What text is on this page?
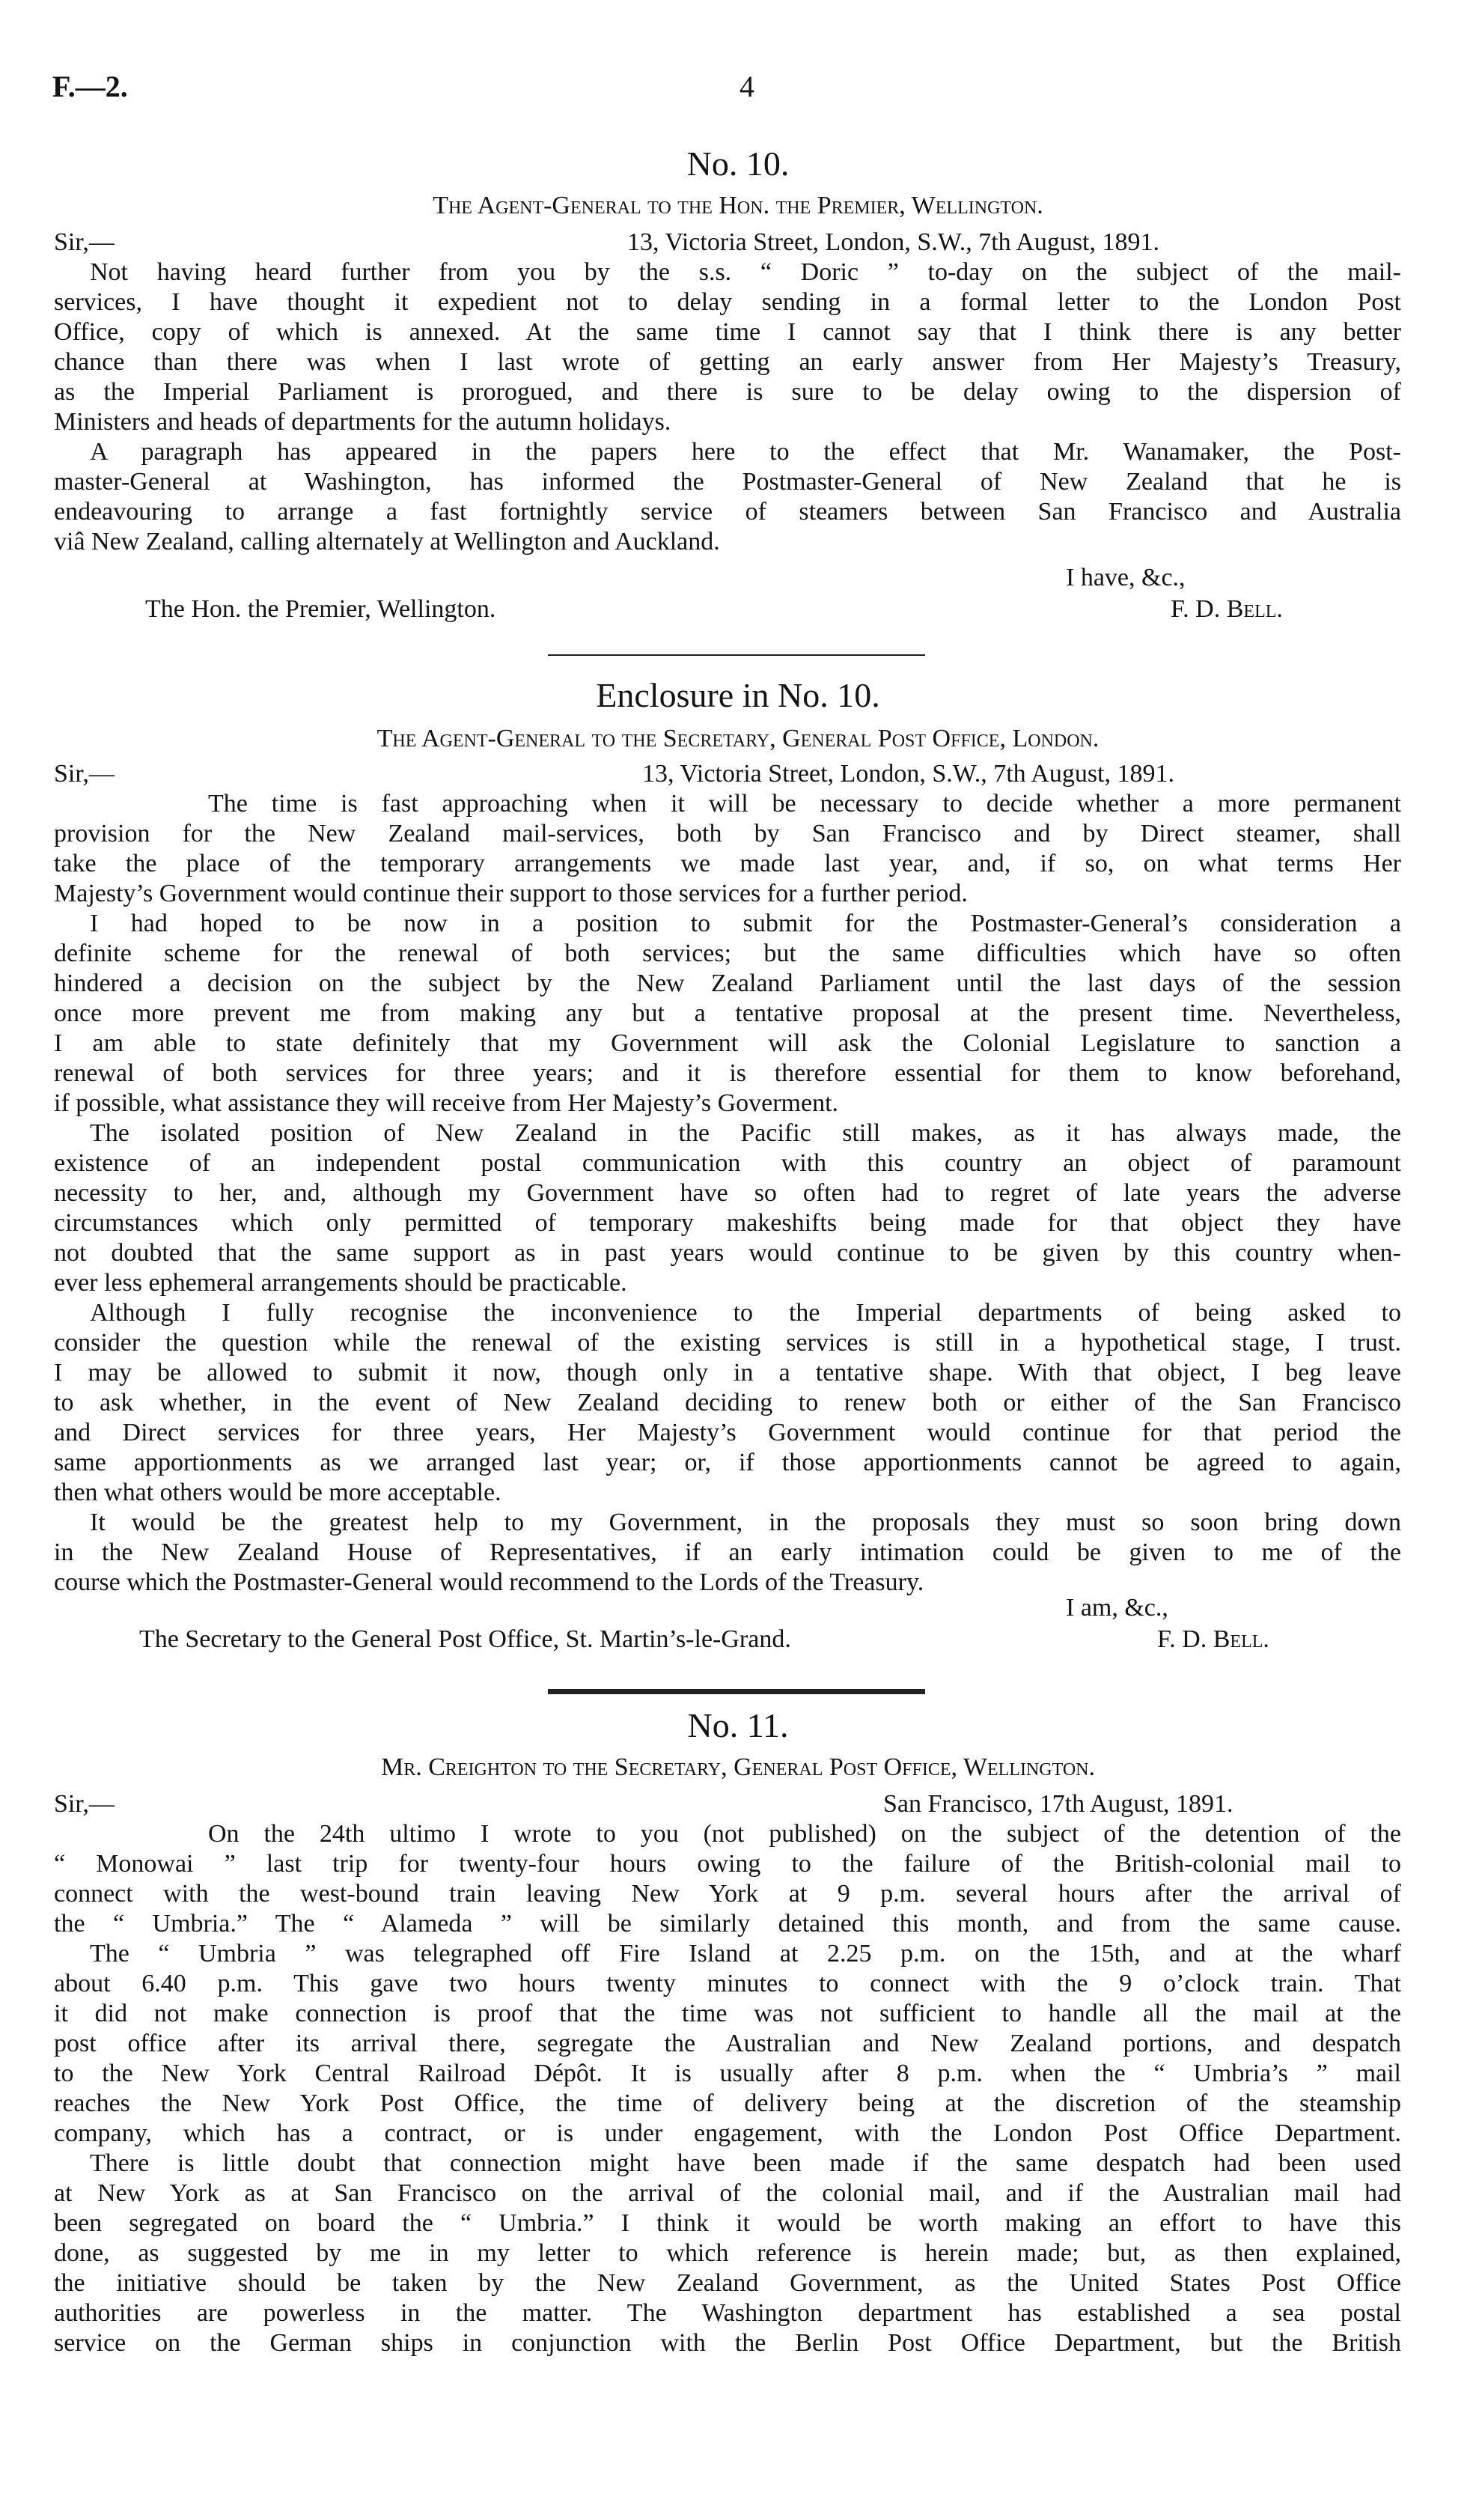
F.—2.	4
No. 10.
The Agent-General to the Hon. the Premier, Wellington.
Sir,—	13, Victoria Street, London, S.W., 7th August, 1891.
Not having heard further from you by the s.s. “ Doric ” to-day on the subject of the mail-
services, I have thought it expedient not to delay sending in a formal letter to the London Post
Office, copy of which is annexed. At the same time I cannot say that I think there is any better
chance than there was when I last wrote of getting an early answer from Her Majesty’s Treasury,
as the Imperial Parliament is prorogued, and there is sure to be delay owing to the dispersion of
Ministers and heads of departments for the autumn holidays.
A paragraph has appeared in the papers here to the effect that Mr. Wanamaker, the Post-
master-General at Washington, has informed the Postmaster-General of New Zealand that he is
endeavouring to arrange a fast fortnightly service of steamers between San Francisco and Australia
viâ New Zealand, calling alternately at Wellington and Auckland.
I have, &c.,
The Hon. the Premier, Wellington.	F. D. Bell.
Enclosure in No. 10.
The Agent-General to the Secretary, General Post Office, London.
Sir,—	13, Victoria Street, London, S.W., 7th August, 1891.
The time is fast approaching when it will be necessary to decide whether a more permanent
provision for the New Zealand mail-services, both by San Francisco and by Direct steamer, shall
take the place of the temporary arrangements we made last year, and, if so, on what terms Her
Majesty’s Government would continue their support to those services for a further period.
I had hoped to be now in a position to submit for the Postmaster-General’s consideration a
definite scheme for the renewal of both services; but the same difficulties which have so often
hindered a decision on the subject by the New Zealand Parliament until the last days of the session
once more prevent me from making any but a tentative proposal at the present time. Nevertheless,
I am able to state definitely that my Government will ask the Colonial Legislature to sanction a
renewal of both services for three years; and it is therefore essential for them to know beforehand,
if possible, what assistance they will receive from Her Majesty’s Goverment.
The isolated position of New Zealand in the Pacific still makes, as it has always made, the
existence of an independent postal communication with this country an object of paramount
necessity to her, and, although my Government have so often had to regret of late years the adverse
circumstances which only permitted of temporary makeshifts being made for that object they have
not doubted that the same support as in past years would continue to be given by this country when-
ever less ephemeral arrangements should be practicable.
Although I fully recognise the inconvenience to the Imperial departments of being asked to
consider the question while the renewal of the existing services is still in a hypothetical stage, I trust.
I may be allowed to submit it now, though only in a tentative shape. With that object, I beg leave
to ask whether, in the event of New Zealand deciding to renew both or either of the San Francisco
and Direct services for three years, Her Majesty’s Government would continue for that period the
same apportionments as we arranged last year; or, if those apportionments cannot be agreed to again,
then what others would be more acceptable.
It would be the greatest help to my Government, in the proposals they must so soon bring down
in the New Zealand House of Representatives, if an early intimation could be given to me of the
course which the Postmaster-General would recommend to the Lords of the Treasury.
I am, &c.,
The Secretary to the General Post Office, St. Martin’s-le-Grand.	F. D. Bell.
No. 11.
Mr. Creighton to the Secretary, General Post Office, Wellington.
Sir,—	San Francisco, 17th August, 1891.
On the 24th ultimo I wrote to you (not published) on the subject of the detention of the
“ Monowai ” last trip for twenty-four hours owing to the failure of the British-colonial mail to
connect with the west-bound train leaving New York at 9 p.m. several hours after the arrival of
the “ Umbria.” The “ Alameda ” will be similarly detained this month, and from the same cause.
The “ Umbria ” was telegraphed off Fire Island at 2.25 p.m. on the 15th, and at the wharf
about 6.40 p.m. This gave two hours twenty minutes to connect with the 9 o’clock train. That
it did not make connection is proof that the time was not sufficient to handle all the mail at the
post office after its arrival there, segregate the Australian and New Zealand portions, and despatch
to the New York Central Railroad Dépôt. It is usually after 8 p.m. when the “ Umbria’s ” mail
reaches the New York Post Office, the time of delivery being at the discretion of the steamship
company, which has a contract, or is under engagement, with the London Post Office Department.
There is little doubt that connection might have been made if the same despatch had been used
at New York as at San Francisco on the arrival of the colonial mail, and if the Australian mail had
been segregated on board the “ Umbria.” I think it would be worth making an effort to have this
done, as suggested by me in my letter to which reference is herein made; but, as then explained,
the initiative should be taken by the New Zealand Government, as the United States Post Office
authorities are powerless in the matter. The Washington department has established a sea postal
service on the German ships in conjunction with the Berlin Post Office Department, but the British
